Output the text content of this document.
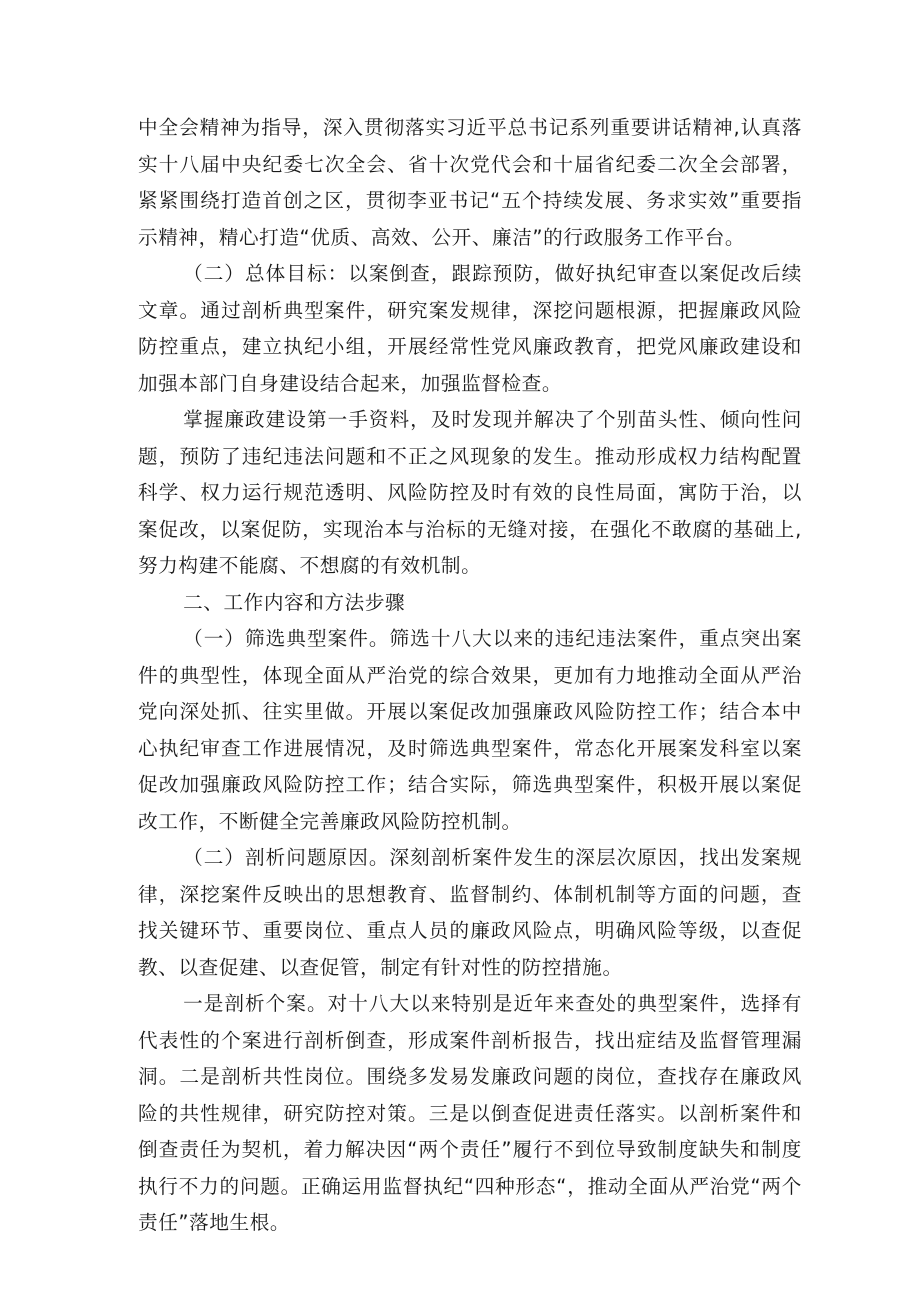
中全会精神为指导，深入贯彻落实习近平总书记系列重要讲话精神,认真落实十八届中央纪委七次全会、省十次党代会和十届省纪委二次全会部署，紧紧围绕打造首创之区，贯彻李亚书记“五个持续发展、务求实效”重要指示精神，精心打造“优质、高效、公开、廉洁”的行政服务工作平台。

（二）总体目标：以案倒查，跟踪预防，做好执纪审查以案促改后续文章。通过剖析典型案件，研究案发规律，深挖问题根源，把握廉政风险防控重点，建立执纪小组，开展经常性党风廉政教育，把党风廉政建设和加强本部门自身建设结合起来，加强监督检查。

掌握廉政建设第一手资料，及时发现并解决了个别苗头性、倾向性问题，预防了违纪违法问题和不正之风现象的发生。推动形成权力结构配置科学、权力运行规范透明、风险防控及时有效的良性局面，寓防于治，以案促改，以案促防，实现治本与治标的无缝对接，在强化不敢腐的基础上,努力构建不能腐、不想腐的有效机制。

二、工作内容和方法步骤

（一）筛选典型案件。筛选十八大以来的违纪违法案件，重点突出案件的典型性，体现全面从严治党的综合效果，更加有力地推动全面从严治党向深处抓、往实里做。开展以案促改加强廉政风险防控工作；结合本中心执纪审查工作进展情况，及时筛选典型案件，常态化开展案发科室以案促改加强廉政风险防控工作；结合实际，筛选典型案件，积极开展以案促改工作，不断健全完善廉政风险防控机制。

（二）剖析问题原因。深刻剖析案件发生的深层次原因，找出发案规律，深挖案件反映出的思想教育、监督制约、体制机制等方面的问题，查找关键环节、重要岗位、重点人员的廉政风险点，明确风险等级，以查促教、以查促建、以查促管，制定有针对性的防控措施。

一是剖析个案。对十八大以来特别是近年来查处的典型案件，选择有代表性的个案进行剖析倒查，形成案件剖析报告，找出症结及监督管理漏洞。二是剖析共性岗位。围绕多发易发廉政问题的岗位，查找存在廉政风险的共性规律，研究防控对策。三是以倒查促进责任落实。以剖析案件和倒查责任为契机，着力解决因“两个责任”履行不到位导致制度缺失和制度执行不力的问题。正确运用监督执纪“四种形态“，推动全面从严治党“两个责任”落地生根。
